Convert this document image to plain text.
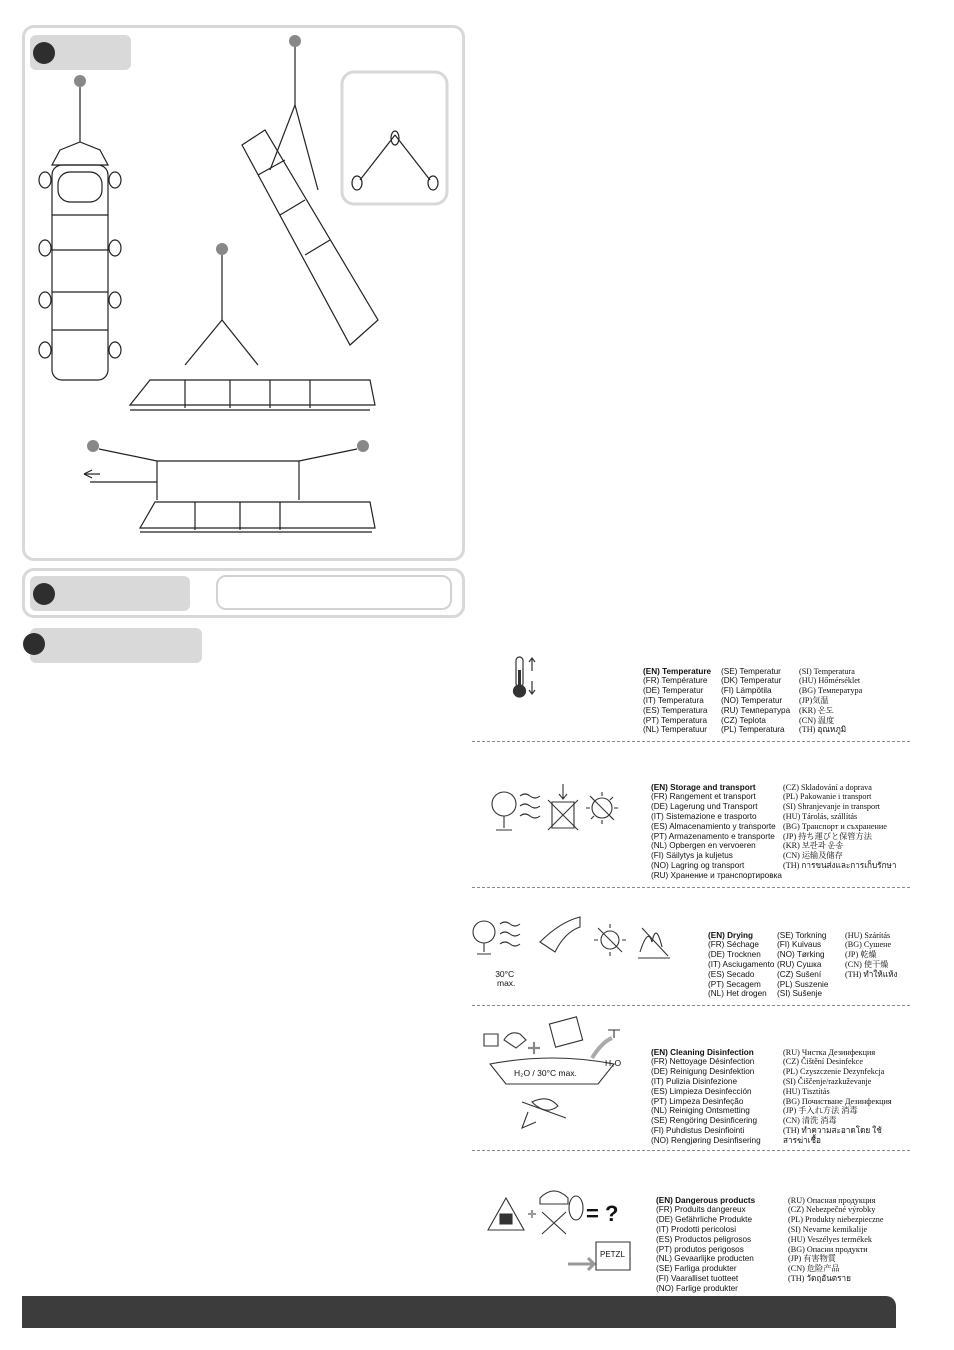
(EN) Temperature
(FR) Température
(DE) Temperatur
(IT) Temperatura
(ES) Temperatura
(PT) Temperatura
(NL) Temperatuur

(SE) Temperatur
(DK) Temperatur
(FI) Lämpötila
(NO) Temperatur
(RU) Температура
(CZ) Teplota
(PL) Temperatura

(SI) Temperatura
(HU) Hőmérséklet
(BG) Температура
(JP)気温
(KR) 온도
(CN) 温度
(TH) อุณหภูมิ

(EN) Storage and transport
(FR) Rangement et transport
(DE) Lagerung und Transport
(IT) Sistemazione e trasporto
(ES) Almacenamiento y transporte
(PT) Armazenamento e transporte
(NL) Opbergen en vervoeren
(FI) Säilytys ja kuljetus
(NO) Lagring og transport
(RU) Хранение и транспортировка

(CZ) Skladování a doprava
(PL) Pakowanie i transport
(SI) Shranjevanje in transport
(HU) Tárolás, szállítás
(BG) Транспорт и съхранение
(JP) 持ち運びと保管方法
(KR) 보관과 운송
(CN) 运输及储存
(TH) การขนส่งและการเก็บรักษา

30°C
max.

(EN) Drying
(FR) Séchage
(DE) Trocknen
(IT) Asciugamento
(ES) Secado
(PT) Secagem
(NL) Het drogen

(SE) Torkning
(FI) Kuivaus
(NO) Tørking
(RU) Сушка
(CZ) Sušení
(PL) Suszenie
(SI) Sušenje

(HU) Szárítás
(BG) Сушене
(JP) 乾燥
(CN) 使干燥
(TH) ทำให้แห้ง

H₂O / 30°C max.
H₂O

(EN) Cleaning Disinfection
(FR) Nettoyage Désinfection
(DE) Reinigung Desinfektion
(IT) Pulizia Disinfezione
(ES) Limpieza Desinfección
(PT) Limpeza Desinfeção
(NL) Reiniging Ontsmetting
(SE) Rengöring Desinficering
(FI) Puhdistus Desinfiointi
(NO) Rengjøring Desinfisering

(RU) Чистка Дезинфекция
(CZ) Čištění Desinfekce
(PL) Czyszczenie Dezynfekcja
(SI) Čiščenje/razkuževanje
(HU) Tisztítás
(BG) Почистване Дезинфекция
(JP) 手入れ方法 消毒
(CN) 清洗 消毒
(TH) ทำความสะอาดโดย ใช้
สารฆ่าเชื้อ

= ?
PETZL

(EN) Dangerous products
(FR) Produits dangereux
(DE) Gefährliche Produkte
(IT) Prodotti pericolosi
(ES) Productos peligrosos
(PT) produtos perigosos
(NL) Gevaarlijke producten
(SE) Farliga produkter
(FI) Vaaralliset tuotteet
(NO) Farlige produkter

(RU) Опасная продукция
(CZ) Nebezpečné výrobky
(PL) Produkty niebezpieczne
(SI) Nevarne kemikalije
(HU) Veszélyes termékek
(BG) Опасни продукти
(JP) 有害物質
(CN) 危险产品
(TH) วัตถุอันตราย
